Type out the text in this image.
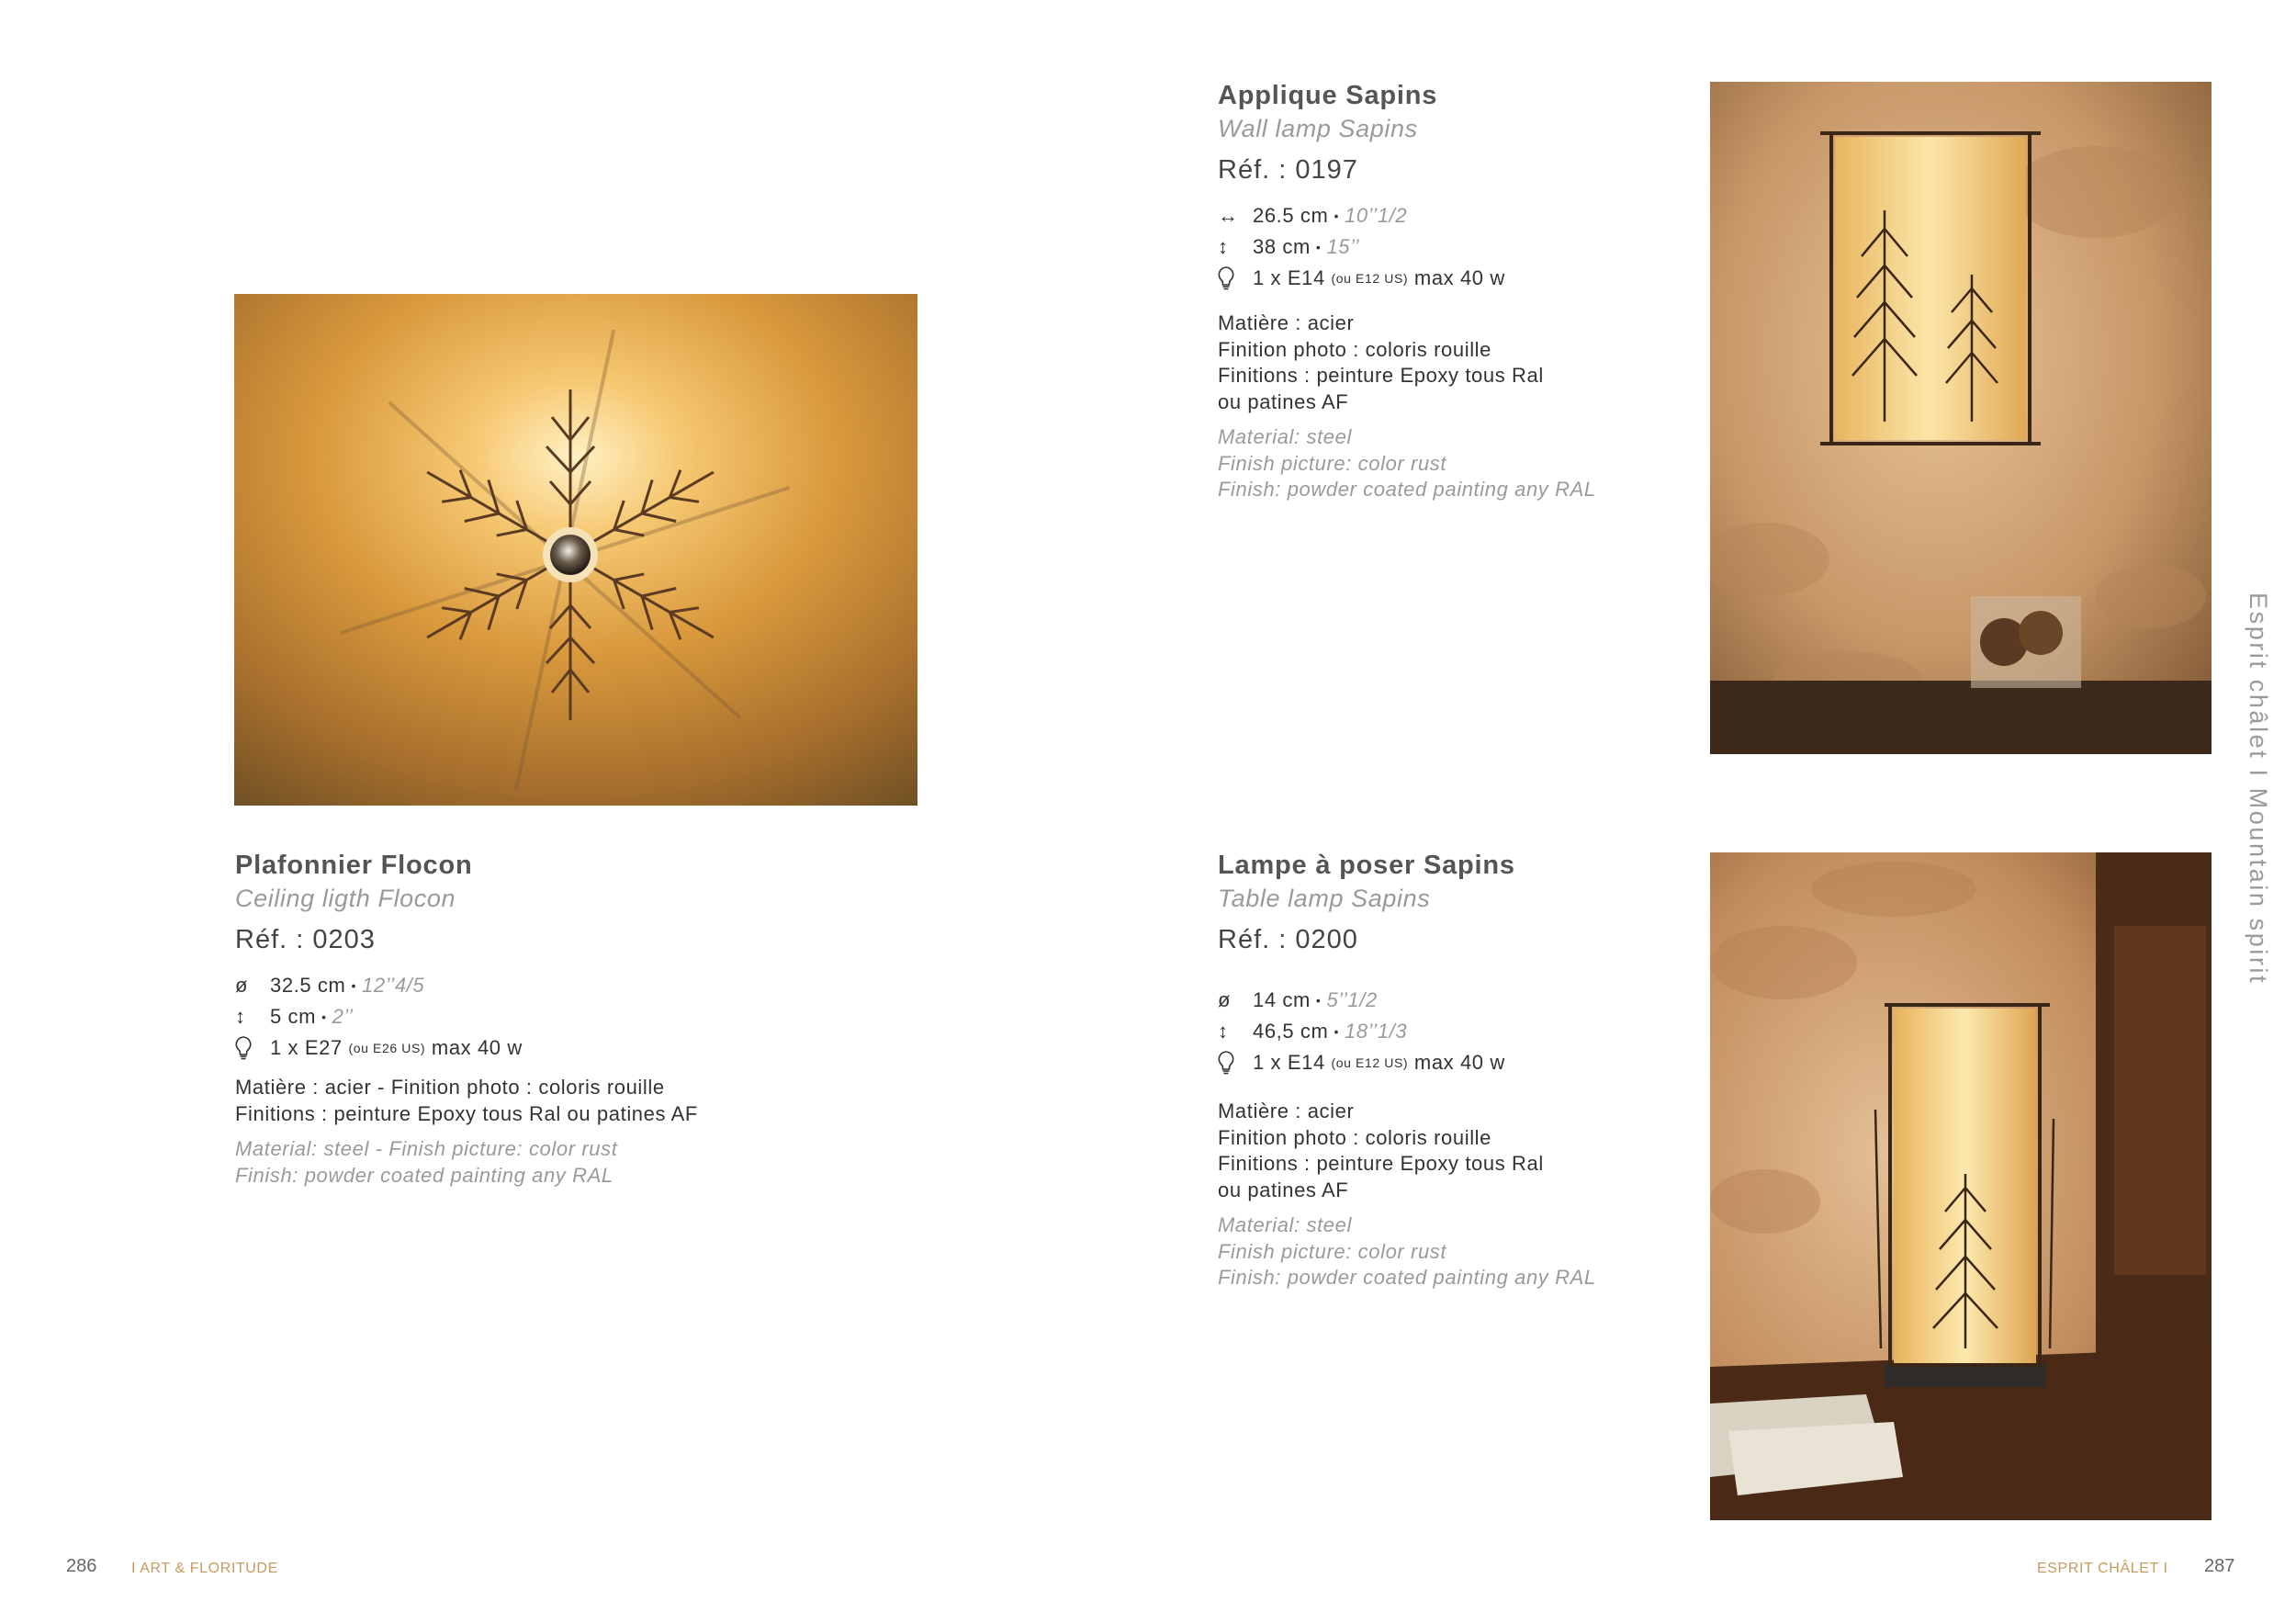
Plafonnier Flocon
Ceiling ligth Flocon
Réf. : 0203
ø	32.5 cm • 12’’4/5
↕	5 cm • 2’’
1 x E27
(ou E26 US)
max 40 w
Matière : acier - Finition photo : coloris rouille
Finitions : peinture Epoxy tous Ral ou patines AF
Material: steel - Finish picture: color rust
Finish: powder coated painting any RAL
Applique Sapins
Wall lamp Sapins
Réf. : 0197
↔ 26.5 cm • 10’’1/2
↕	38 cm • 15’’
1 x E14
(ou E12 US)
max 40 w
Matière : acier
Finition photo : coloris rouille
Finitions : peinture Epoxy tous Ral
ou patines AF
Material: steel
Finish picture: color rust
Finish: powder coated painting any RAL
Lampe à poser Sapins
Table lamp Sapins
Réf. : 0200
ø	14 cm • 5’’1/2
↕	46,5 cm • 18’’1/3
1 x E14
(ou E12 US)
max 40 w
Matière : acier
Finition photo : coloris rouille
Finitions : peinture Epoxy tous Ral
ou patines AF
Material: steel
Finish picture: color rust
Finish: powder coated painting any RAL
Esprit châlet I Mountain spirit
286 I ART & FLORITUDE	ESPRIT CHÂLET I 287
